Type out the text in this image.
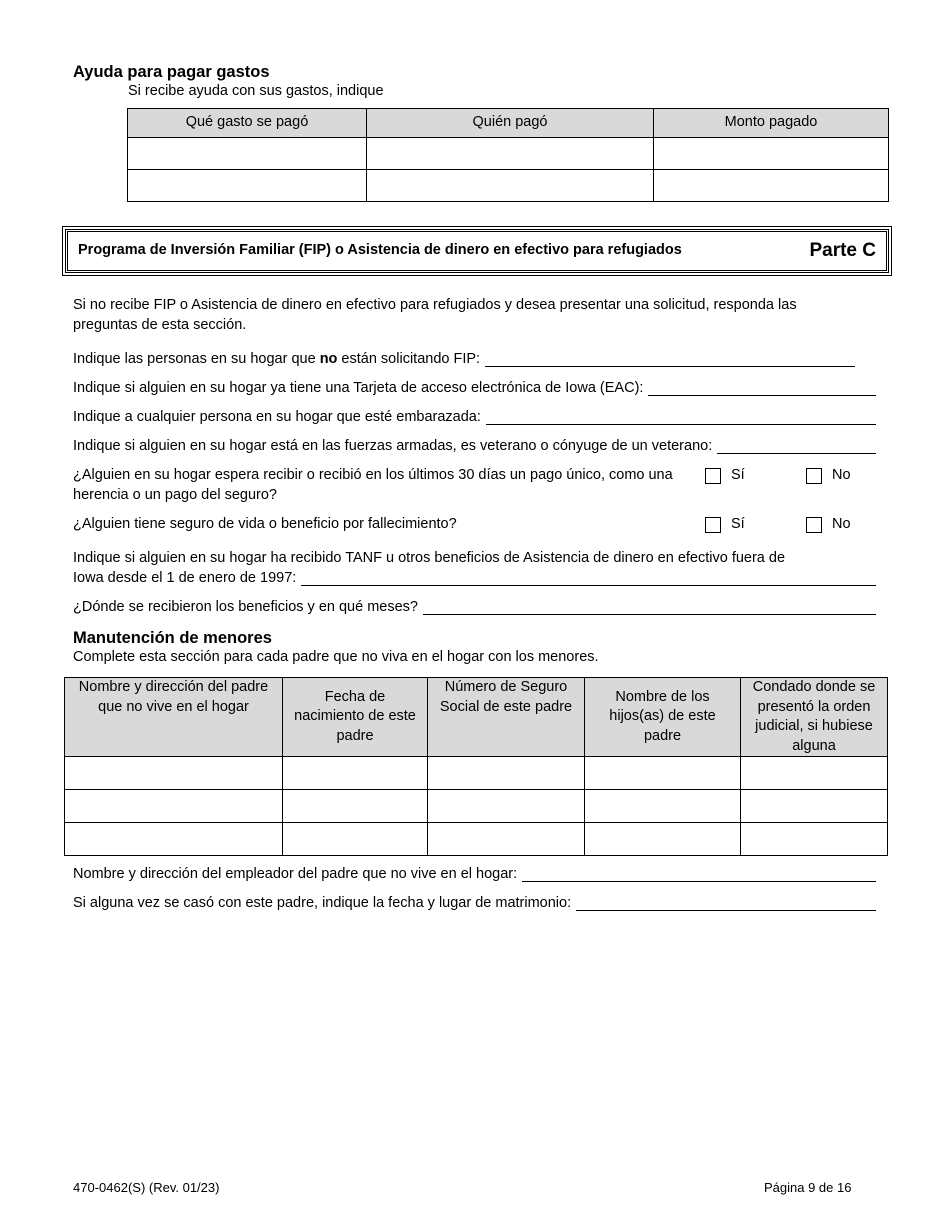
Ayuda para pagar gastos
Si recibe ayuda con sus gastos, indique
Qué gasto se pagó	Quién pagó	Monto pagado

Programa de Inversión Familiar (FIP) o Asistencia de dinero en efectivo para refugiados	Parte C
Si no recibe FIP o Asistencia de dinero en efectivo para refugiados y desea presentar una solicitud, responda las preguntas de esta sección.
Indique las personas en su hogar que no están solicitando FIP:
Indique si alguien en su hogar ya tiene una Tarjeta de acceso electrónica de Iowa (EAC):
Indique a cualquier persona en su hogar que esté embarazada:
Indique si alguien en su hogar está en las fuerzas armadas, es veterano o cónyuge de un veterano:
¿Alguien en su hogar espera recibir o recibió en los últimos 30 días un pago único, como una herencia o un pago del seguro?
Sí	No
¿Alguien tiene seguro de vida o beneficio por fallecimiento?	Sí	No
Indique si alguien en su hogar ha recibido TANF u otros beneficios de Asistencia de dinero en efectivo fuera de
Iowa desde el 1 de enero de 1997:
¿Dónde se recibieron los beneficios y en qué meses?
Manutención de menores
Complete esta sección para cada padre que no viva en el hogar con los menores.
Nombre y dirección del padre que no vive en el hogar	Fecha de nacimiento de este padre	Número de Seguro Social de este padre	Nombre de los hijos(as) de este padre	Condado donde se presentó la orden judicial, si hubiese alguna

Nombre y dirección del empleador del padre que no vive en el hogar:
Si alguna vez se casó con este padre, indique la fecha y lugar de matrimonio:
470-0462(S) (Rev. 01/23)	Página 9 de 16
